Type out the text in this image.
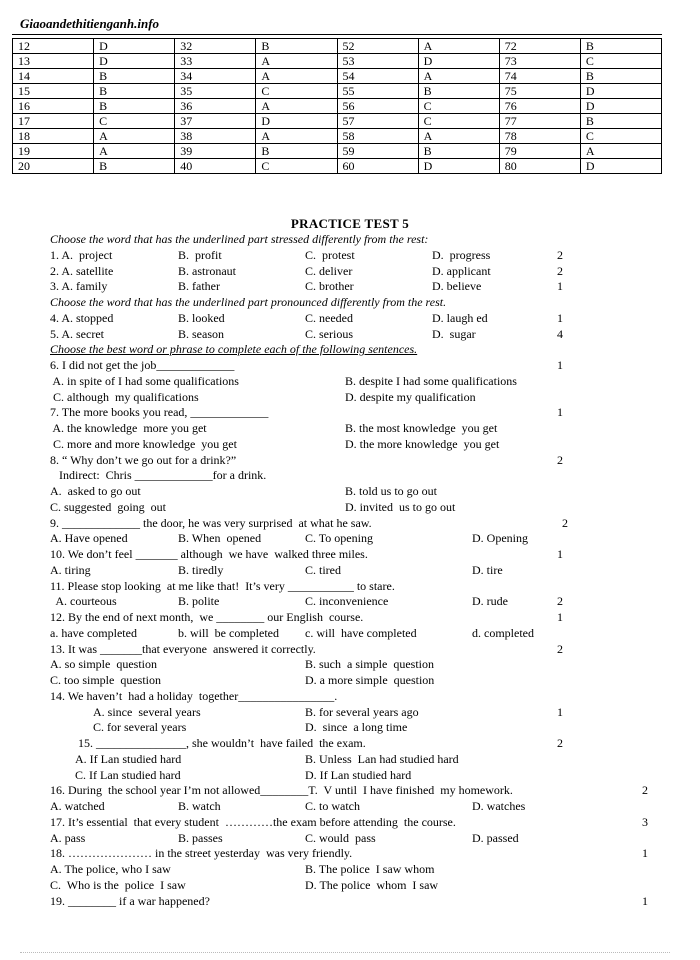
Giaoandethitienganh.info
12	D	32	B	52	A	72	B
13	D	33	A	53	D	73	C
14	B	34	A	54	A	74	B
15	B	35	C	55	B	75	D
16	B	36	A	56	C	76	D
17	C	37	D	57	C	77	B
18	A	38	A	58	A	78	C
19	A	39	B	59	B	79	A
20	B	40	C	60	D	80	D
PRACTICE TEST 5
Choose the word that has the underlined part stressed differently from the rest:
1. A.  project	B.  profit	C.  protest	D.  progress	2
2. A. satellite	B. astronaut	C. deliver	D. applicant	2
3. A. family	B. father	C. brother	D. believe	1
Choose the word that has the underlined part pronounced differently from the rest.
4. A. stopped	B. looked	C. needed	D. laugh ed	1
5. A. secret	B. season	C. serious	D.  sugar	4
Choose the best word or phrase to complete each of the following sentences.
6. I did not get the job_____________	1
A. in spite of I had some qualifications	B. despite I had some qualifications
C. although  my qualifications	D. despite my qualification
7. The more books you read, _____________	1
A. the knowledge  more you get	B. the most knowledge  you get
C. more and more knowledge  you get	D. the more knowledge  you get
8. “ Why don’t we go out for a drink?”	2
Indirect:  Chris _____________for a drink.
A.  asked to go out	B. told us to go out
C. suggested  going  out	D. invited  us to go out
9. _____________ the door, he was very surprised  at what he saw.	2
A. Have opened	B. When  opened	C. To opening	D. Opening
10. We don’t feel _______ although  we have  walked three miles.	1
A. tiring	B. tiredly	C. tired	D. tire
11. Please stop looking  at me like that!  It’s very ___________ to stare.
A. courteous	B. polite	C. inconvenience	D. rude	2
12. By the end of next month,  we ________ our English  course.	1
a. have completed	b. will  be completed c. will  have completed	d. completed
13. It was _______that everyone  answered it correctly.	2
A. so simple  question	B. such  a simple  question
C. too simple  question	D. a more simple  question
14. We haven’t  had a holiday  together________________.
A. since  several years	B. for several years ago	1
C. for several years	D.  since  a long time
15. _______________, she wouldn’t  have failed  the exam.	2
A. If Lan studied hard	B. Unless  Lan had studied hard
C. If Lan studied hard	D. If Lan studied hard
16. During  the school year I’m not allowed________T.  V until  I have finished  my homework.	2
A. watched	B. watch	C. to watch	D. watches
17. It’s essential  that every student  …………the exam before attending  the course.	3
A. pass	B. passes	C. would  pass	D. passed
18. ………………… in the street yesterday  was very friendly.	1
A. The police, who I saw	B. The police  I saw whom
C.  Who is the  police  I saw	D. The police  whom  I saw
19. ________ if a war happened?	1
